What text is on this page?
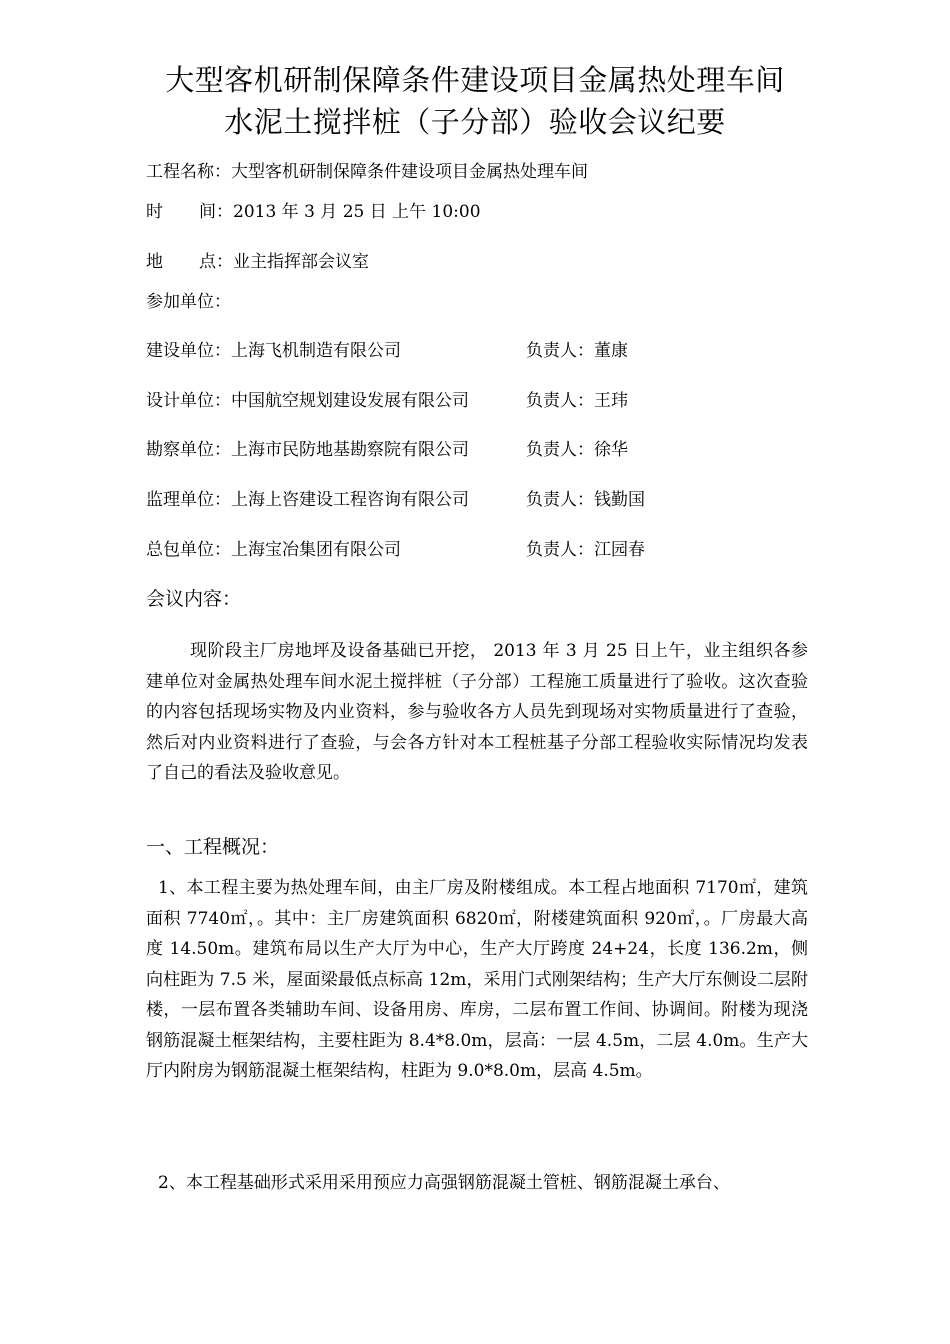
大型客机研制保障条件建设项目金属热处理车间
水泥土搅拌桩（子分部）验收会议纪要
工程名称：大型客机研制保障条件建设项目金属热处理车间
时 间：2013 年 3 月 25 日 上午 10:00
地 点：业主指挥部会议室
参加单位：
建设单位：上海飞机制造有限公司	负责人：董康
设计单位：中国航空规划建设发展有限公司	负责人：王玮
勘察单位：上海市民防地基勘察院有限公司	负责人：徐华
监理单位：上海上咨建设工程咨询有限公司	负责人：钱勤国
总包单位：上海宝冶集团有限公司	负责人：江园春
会议内容：

现阶段主厂房地坪及设备基础已开挖， 2013 年 3 月 25 日上午，业主组织各参建单位对金属热处理车间水泥土搅拌桩（子分部）工程施工质量进行了验收。这次查验的内容包括现场实物及内业资料，参与验收各方人员先到现场对实物质量进行了查验，然后对内业资料进行了查验，与会各方针对本工程桩基子分部工程验收实际情况均发表了自己的看法及验收意见。

一、工程概况：

1、本工程主要为热处理车间，由主厂房及附楼组成。本工程占地面积 7170㎡，建筑面积 7740㎡，。其中：主厂房建筑面积 6820㎡，附楼建筑面积 920㎡，。厂房最大高度 14.50m。建筑布局以生产大厅为中心，生产大厅跨度 24+24，长度 136.2m，侧向柱距为 7.5 米，屋面梁最低点标高 12m，采用门式刚架结构；生产大厅东侧设二层附楼，一层布置各类辅助车间、设备用房、库房，二层布置工作间、协调间。附楼为现浇钢筋混凝土框架结构，主要柱距为 8.4*8.0m，层高：一层 4.5m，二层 4.0m。生产大厅内附房为钢筋混凝土框架结构，柱距为 9.0*8.0m，层高 4.5m。

2、本工程基础形式采用采用预应力高强钢筋混凝土管桩、钢筋混凝土承台、
